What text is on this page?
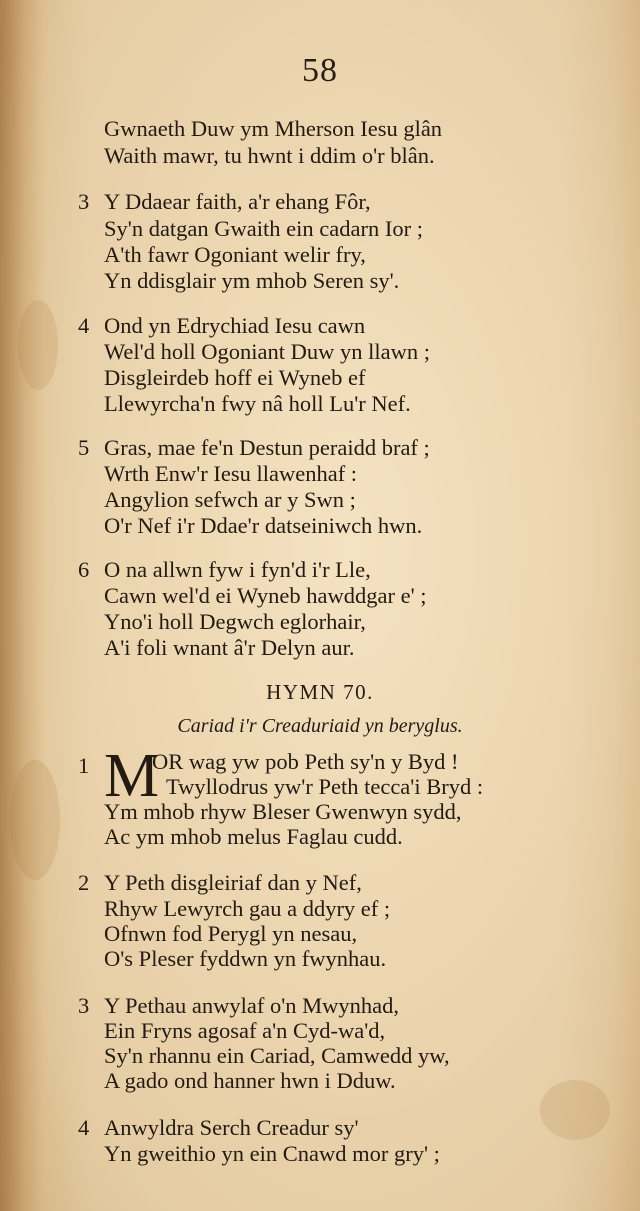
58
Gwnaeth Duw ym Mherson Iesu glân
Waith mawr, tu hwnt i ddim o'r blân.
3 Y Ddaear faith, a'r ehang Fôr,
Sy'n datgan Gwaith ein cadarn Ior ;
A'th fawr Ogoniant welir fry,
Yn ddisglair ym mhob Seren sy'.
4 Ond yn Edrychiad Iesu cawn
Wel'd holl Ogoniant Duw yn llawn ;
Disgleirdeb hoff ei Wyneb ef
Llewyrcha'n fwy nâ holl Lu'r Nef.
5 Gras, mae fe'n Destun peraidd braf ;
Wrth Enw'r Iesu llawenhaf :
Angylion sefwch ar y Swn ;
O'r Nef i'r Ddae'r datseiniwch hwn.
6 O na allwn fyw i fyn'd i'r Lle,
Cawn wel'd ei Wyneb hawddgar e' ;
Yno'i holl Degwch eglorhair,
A'i foli wnant â'r Delyn aur.
HYMN 70.
Cariad i'r Creaduriaid yn beryglus.
1 M
OR wag yw pob Peth sy'n y Byd !
Twyllodrus yw'r Peth tecca'i Bryd :
Ym mhob rhyw Bleser Gwenwyn sydd,
Ac ym mhob melus Faglau cudd.
2 Y Peth disgleiriaf dan y Nef,
Rhyw Lewyrch gau a ddyry ef ;
Ofnwn fod Perygl yn nesau,
O's Pleser fyddwn yn fwynhau.
3 Y Pethau anwylaf o'n Mwynhad,
Ein Fryns agosaf a'n Cyd-wa'd,
Sy'n rhannu ein Cariad, Camwedd yw,
A gado ond hanner hwn i Dduw.
4 Anwyldra Serch Creadur sy'
Yn gweithio yn ein Cnawd mor gry' ;
